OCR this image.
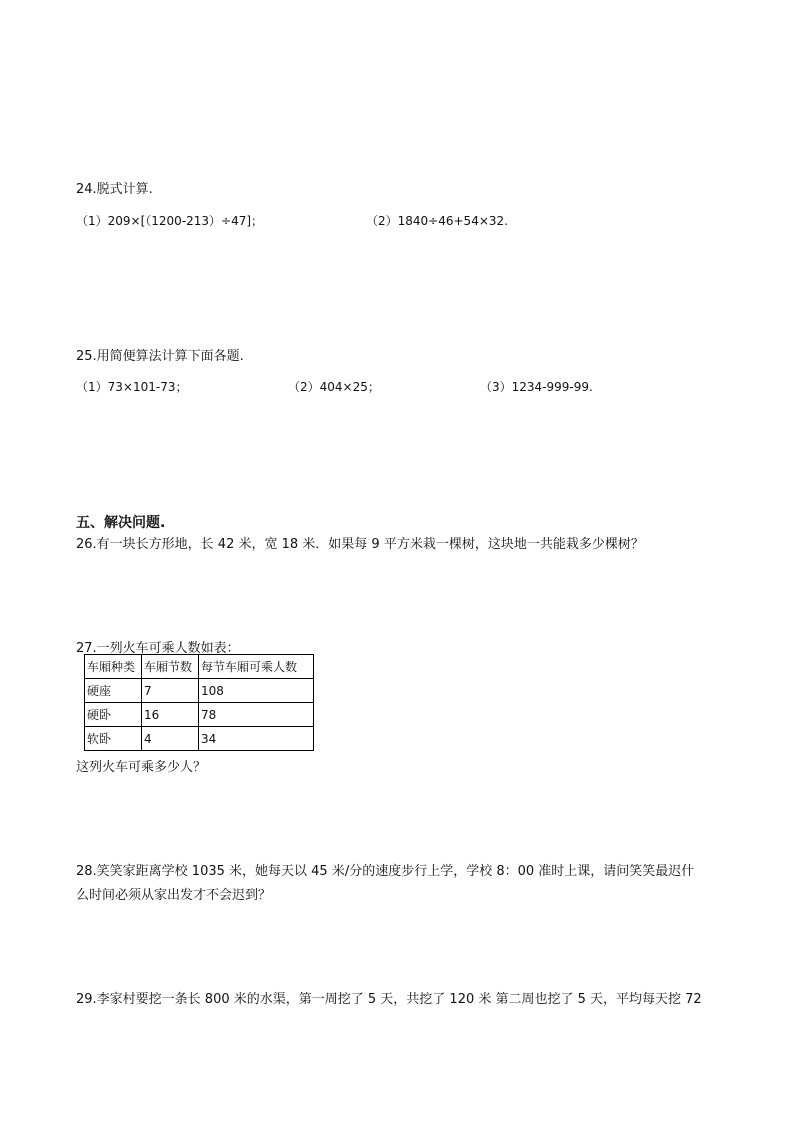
24.脱式计算.
（1）209×[（1200-213）÷47]；	（2）1840÷46+54×32.
25.用简便算法计算下面各题.
（1）73×101-73；	（2）404×25；	（3）1234-999-99.
五、解决问题.
26.有一块长方形地，长 42 米，宽 18 米．如果每 9 平方米栽一棵树，这块地一共能栽多少棵树？
27.一列火车可乘人数如表：
车厢种类	车厢节数	每节车厢可乘人数
硬座	7	108
硬卧	16	78
软卧	4	34
这列火车可乘多少人？
28.笑笑家距离学校 1035 米，她每天以 45 米/分的速度步行上学，学校 8：00 准时上课，请问笑笑最迟什
么时间必须从家出发才不会迟到？
29.李家村要挖一条长 800 米的水渠，第一周挖了 5 天，共挖了 120 米 第二周也挖了 5 天，平均每天挖 72
